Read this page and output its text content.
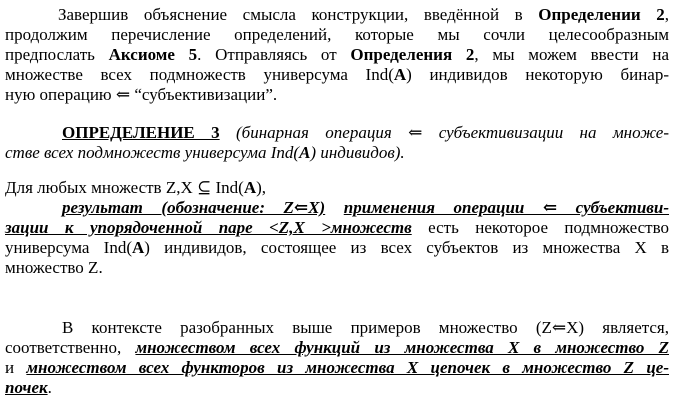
Завершив объяснение смысла конструкции, введённой в Определении 2,
продолжим перечисление определений, которые мы сочли целесообразным
предпослать Аксиоме 5. Отправляясь от Определения 2, мы можем ввести на
множестве всех подмножеств универсума Ind(A) индивидов некоторую бинар-
ную операцию ⇐ “субъективизации”.
ОПРЕДЕЛЕНИЕ 3 (бинарная операция ⇐ субъективизации на множе-
стве всех подмножеств универсума Ind(A) индивидов).
Для любых множеств Z,X ⊆ Ind(A),
результат (обозначение: Z⇐X) применения операции ⇐ субъективи-
зации к упорядоченной паре <Z,X >множеств есть некоторое подмножество
универсума Ind(A) индивидов, состоящее из всех субъектов из множества X в
множество Z.
В контексте разобранных выше примеров множество (Z⇐X) является,
соответственно, множеством всех функций из множества X в множество Z
и множеством всех функторов из множества X цепочек в множество Z це-
почек.
